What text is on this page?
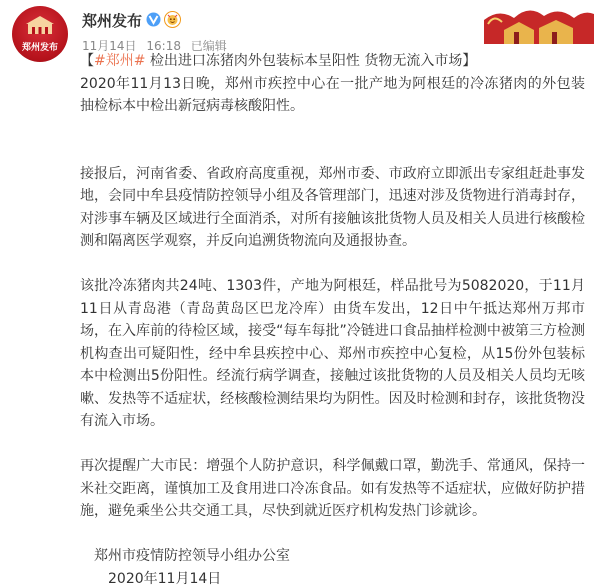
郑州发布
郑州发布
11月14日 16:18 已编辑

【#郑州# 检出进口冻猪肉外包装标本呈阳性 货物无流入市场】

2020年11月13日晚，郑州市疾控中心在一批产地为阿根廷的冷冻猪肉的外包装抽检标本中检出新冠病毒核酸阳性。

接报后，河南省委、省政府高度重视，郑州市委、市政府立即派出专家组赶赴事发地，会同中牟县疫情防控领导小组及各管理部门，迅速对涉及货物进行消毒封存，对涉事车辆及区域进行全面消杀，对所有接触该批货物人员及相关人员进行核酸检测和隔离医学观察，并反向追溯货物流向及通报协查。

该批冷冻猪肉共24吨、1303件，产地为阿根廷，样品批号为5082020，于11月11日从青岛港（青岛黄岛区巴龙冷库）由货车发出，12日中午抵达郑州万邦市场，在入库前的待检区域，接受“每车每批”冷链进口食品抽样检测中被第三方检测机构查出可疑阳性，经中牟县疾控中心、郑州市疾控中心复检，从15份外包装标本中检测出5份阳性。经流行病学调查，接触过该批货物的人员及相关人员均无咳嗽、发热等不适症状，经核酸检测结果均为阴性。因及时检测和封存，该批货物没有流入市场。

再次提醒广大市民：增强个人防护意识，科学佩戴口罩，勤洗手、常通风，保持一米社交距离，谨慎加工及食用进口冷冻食品。如有发热等不适症状，应做好防护措施，避免乘坐公共交通工具，尽快到就近医疗机构发热门诊就诊。

郑州市疫情防控领导小组办公室

2020年11月14日
